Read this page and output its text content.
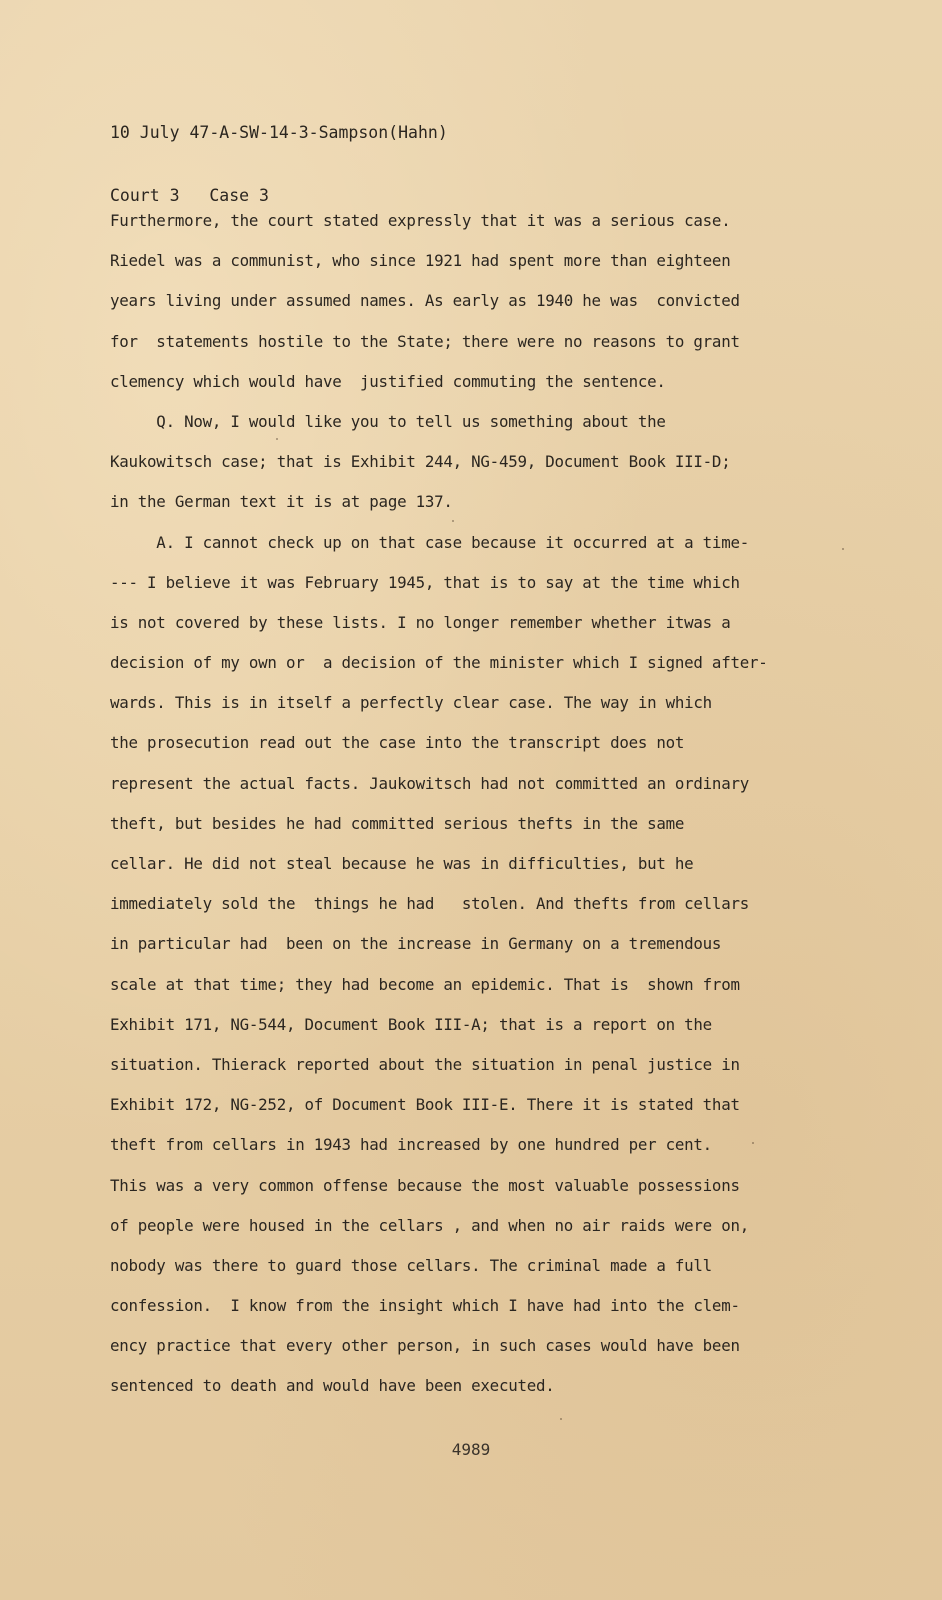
10 July 47-A-SW-14-3-Sampson(Hahn)

Court 3   Case 3

Furthermore, the court stated expressly that it was a serious case.
Riedel was a communist, who since 1921 had spent more than eighteen
years living under assumed names. As early as 1940 he was  convicted
for  statements hostile to the State; there were no reasons to grant
clemency which would have  justified commuting the sentence.
Q. Now, I would like you to tell us something about the
Kaukowitsch case; that is Exhibit 244, NG-459, Document Book III-D;
in the German text it is at page 137.
A. I cannot check up on that case because it occurred at a time-
--- I believe it was February 1945, that is to say at the time which
is not covered by these lists. I no longer remember whether itwas a
decision of my own or  a decision of the minister which I signed after-
wards. This is in itself a perfectly clear case. The way in which
the prosecution read out the case into the transcript does not
represent the actual facts. Jaukowitsch had not committed an ordinary
theft, but besides he had committed serious thefts in the same
cellar. He did not steal because he was in difficulties, but he
immediately sold the  things he had   stolen. And thefts from cellars
in particular had  been on the increase in Germany on a tremendous
scale at that time; they had become an epidemic. That is  shown from
Exhibit 171, NG-544, Document Book III-A; that is a report on the
situation. Thierack reported about the situation in penal justice in
Exhibit 172, NG-252, of Document Book III-E. There it is stated that
theft from cellars in 1943 had increased by one hundred per cent.
This was a very common offense because the most valuable possessions
of people were housed in the cellars , and when no air raids were on,
nobody was there to guard those cellars. The criminal made a full
confession.  I know from the insight which I have had into the clem-
ency practice that every other person, in such cases would have been
sentenced to death and would have been executed.
4989
